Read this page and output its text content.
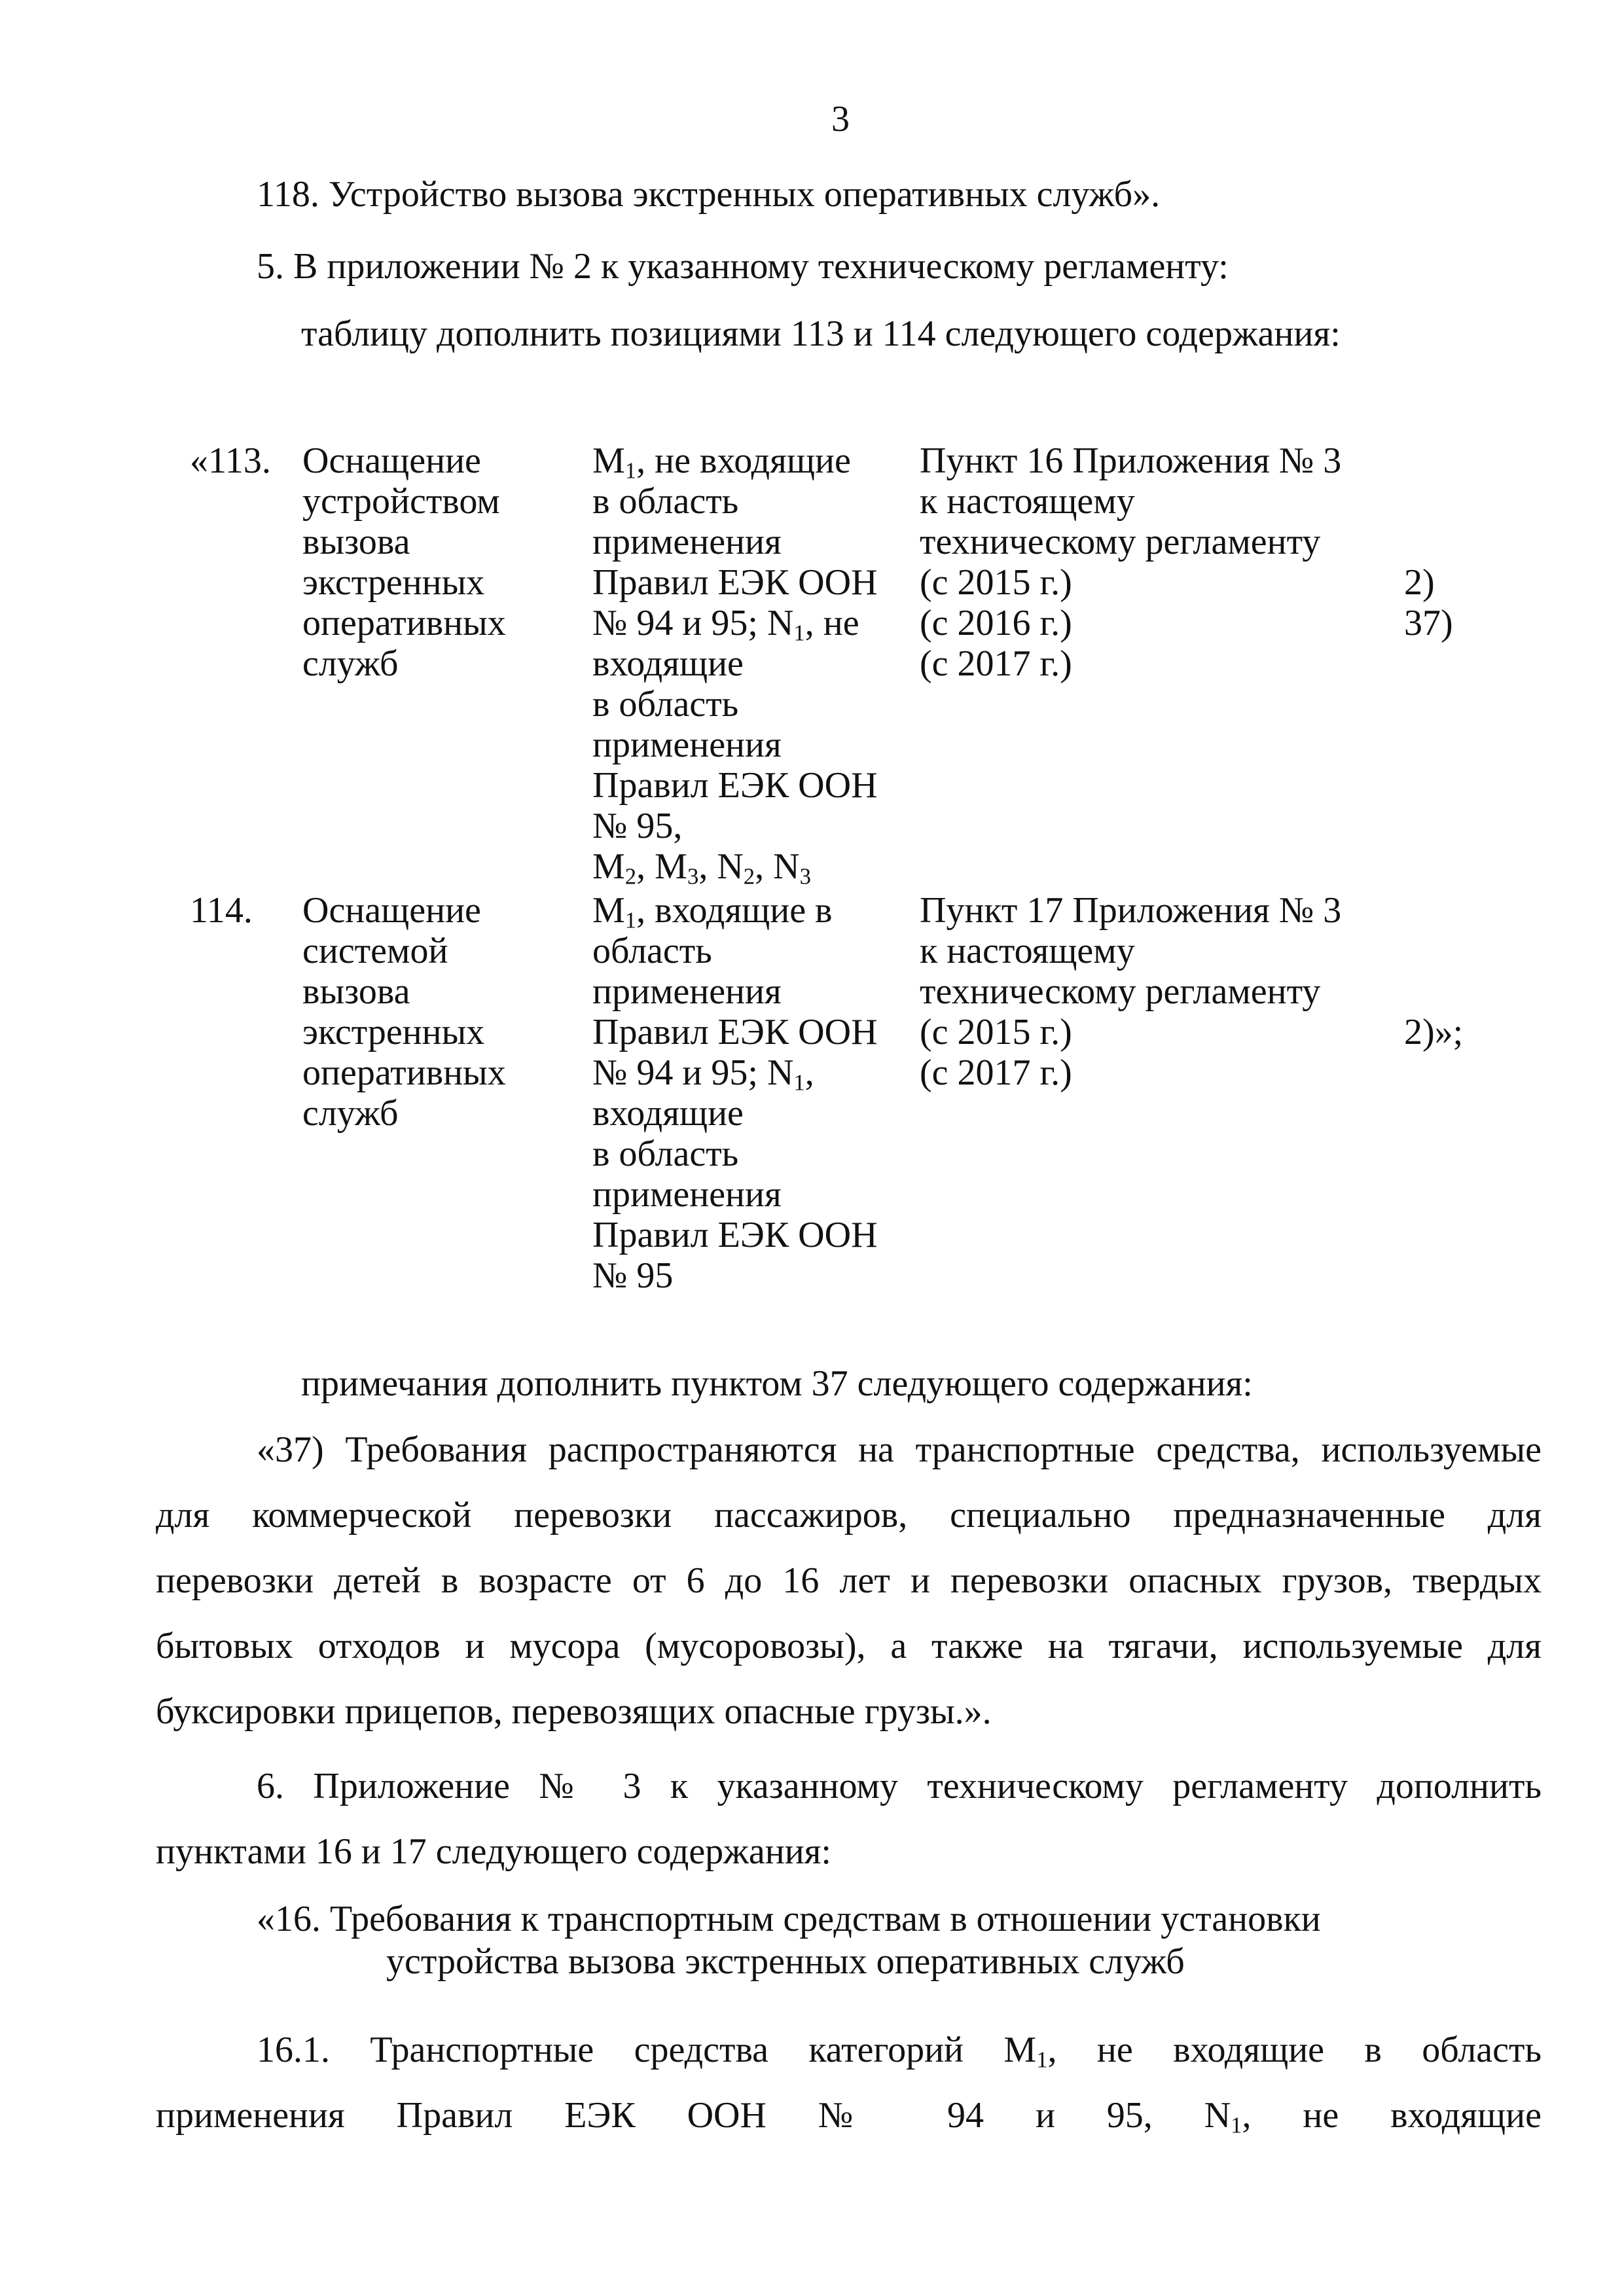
3

118. Устройство вызова экстренных оперативных служб».

5. В приложении № 2 к указанному техническому регламенту:

таблицу дополнить позициями 113 и 114 следующего содержания:

«113. Оснащение
устройством
вызова
экстренных
оперативных
служб
$М_1$, не входящие
в область
применения
Правил ЕЭК ООН
№ 94 и 95; $N_1$, не
входящие
в область
применения
Правил ЕЭК ООН
№ 95,
$М_2$, $М_3$, $N_2$, $N_3$
Пункт 16 Приложения № 3
к настоящему
техническому регламенту
(с 2015 г.)
(с 2016 г.)
(с 2017 г.)
2)
37)
114. Оснащение
системой
вызова
экстренных
оперативных
служб
$М_1$, входящие в
область
применения
Правил ЕЭК ООН
№ 94 и 95; $N_1$,
входящие
в область
применения
Правил ЕЭК ООН
№ 95
Пункт 17 Приложения № 3
к настоящему
техническому регламенту
(с 2015 г.)
(с 2017 г.)
2)»;

примечания дополнить пунктом 37 следующего содержания:

«37) Требования распространяются на транспортные средства, используемые

для коммерческой перевозки пассажиров, специально предназначенные для

перевозки детей в возрасте от 6 до 16 лет и перевозки опасных грузов, твердых

бытовых отходов и мусора (мусоровозы), а также на тягачи, используемые для

буксировки прицепов, перевозящих опасные грузы.».

6. Приложение № 3 к указанному техническому регламенту дополнить

пунктами 16 и 17 следующего содержания:

«16. Требования к транспортным средствам в отношении установки

устройства вызова экстренных оперативных служб

16.1. Транспортные средства категорий $М_1$, не входящие в область

применения Правил ЕЭК ООН № 94 и 95, $N_1$, не входящие
